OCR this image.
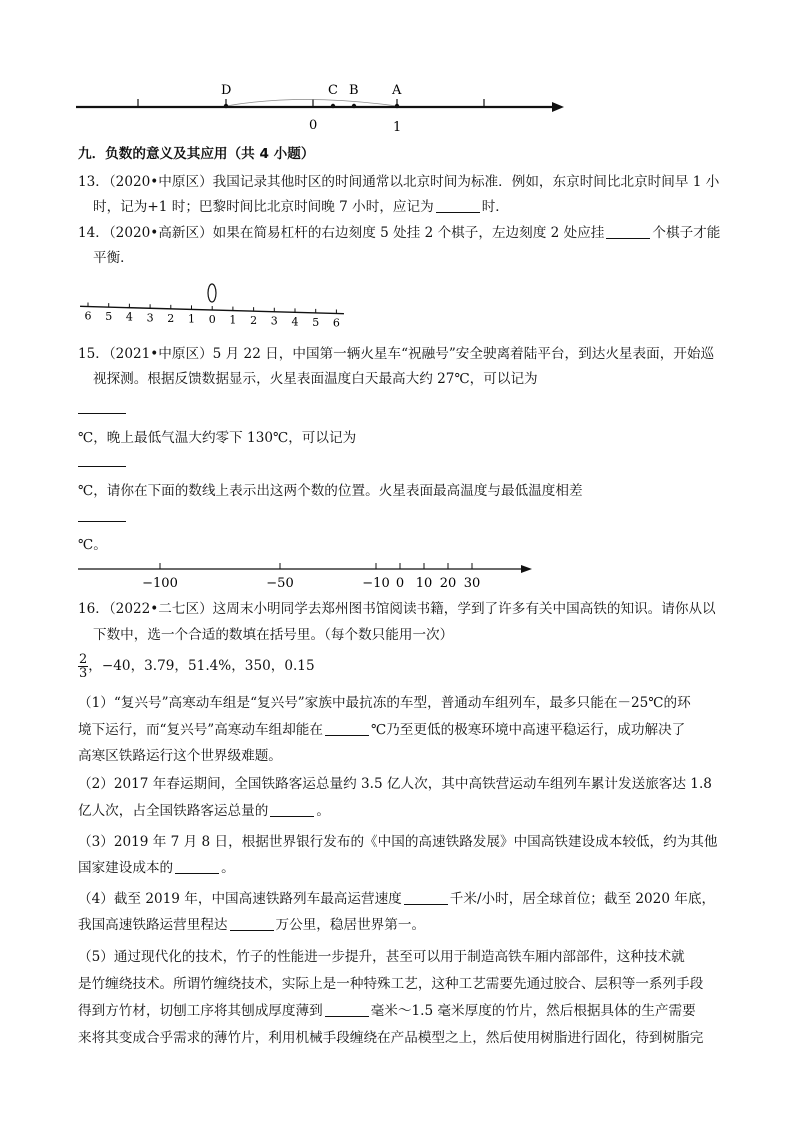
D	C B	A
0	1
九．负数的意义及其应用（共 4 小题）
13．（2020•中原区）我国记录其他时区的时间通常以北京时间为标准．例如，东京时间比北京时间早 1 小
时，记为+1 时；巴黎时间比北京时间晚 7 小时，应记为	时．
14．（2020•高新区）如果在简易杠杆的右边刻度 5 处挂 2 个棋子，左边刻度 2 处应挂	个棋子才能
平衡．
6 5 4 3 2 1 0 1 2 3 4 5 6
15．（2021•中原区）5 月 22 日，中国第一辆火星车“祝融号”安全驶离着陆平台，到达火星表面，开始巡
视探测。根据反馈数据显示，火星表面温度白天最高大约 27℃，可以记为
℃，晚上最低气温大约零下 130℃，可以记为
℃，请你在下面的数线上表示出这两个数的位置。火星表面最高温度与最低温度相差
℃。
−100	−50	−10 0 10 20 30
16．（2022•二七区）这周末小明同学去郑州图书馆阅读书籍，学到了许多有关中国高铁的知识。请你从以
下数中，选一个合适的数填在括号里。（每个数只能用一次）
$\frac{2}{3}$ ，−40，3.79，51.4%，350，0.15
（1）“复兴号”高寒动车组是“复兴号”家族中最抗冻的车型，普通动车组列车，最多只能在－25℃的环
境下运行，而“复兴号”高寒动车组却能在	℃乃至更低的极寒环境中高速平稳运行，成功解决了
高寒区铁路运行这个世界级难题。
（2）2017 年春运期间，全国铁路客运总量约 3.5 亿人次，其中高铁营运动车组列车累计发送旅客达 1.8
亿人次，占全国铁路客运总量的	。
（3）2019 年 7 月 8 日，根据世界银行发布的《中国的高速铁路发展》中国高铁建设成本较低，约为其他
国家建设成本的	。
（4）截至 2019 年，中国高速铁路列车最高运营速度	千米/小时，居全球首位；截至 2020 年底，
我国高速铁路运营里程达	万公里，稳居世界第一。
（5）通过现代化的技术，竹子的性能进一步提升，甚至可以用于制造高铁车厢内部部件，这种技术就
是竹缠绕技术。所谓竹缠绕技术，实际上是一种特殊工艺，这种工艺需要先通过胶合、层积等一系列手段
得到方竹材，切刨工序将其刨成厚度薄到	毫米～1.5 毫米厚度的竹片，然后根据具体的生产需要
来将其变成合乎需求的薄竹片，利用机械手段缠绕在产品模型之上，然后使用树脂进行固化，待到树脂完
